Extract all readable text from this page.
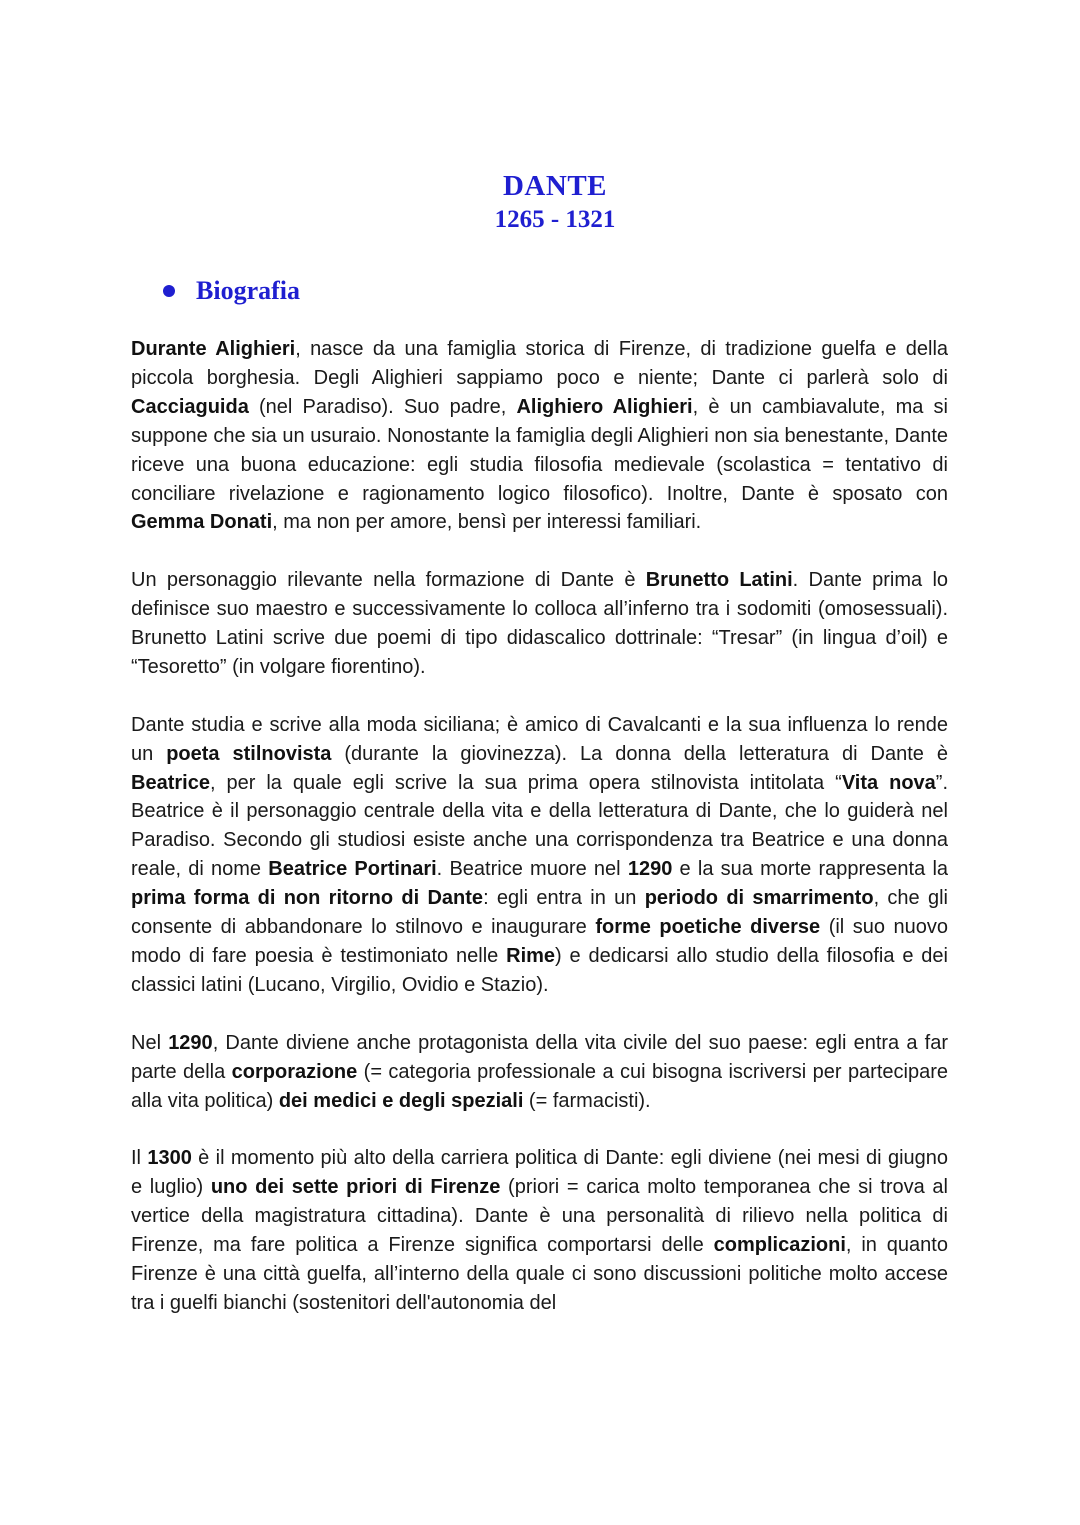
DANTE
1265 - 1321
Biografia

Durante Alighieri, nasce da una famiglia storica di Firenze, di tradizione guelfa e della piccola borghesia. Degli Alighieri sappiamo poco e niente; Dante ci parlerà solo di Cacciaguida (nel Paradiso). Suo padre, Alighiero Alighieri, è un cambiavalute, ma si suppone che sia un usuraio. Nonostante la famiglia degli Alighieri non sia benestante, Dante riceve una buona educazione: egli studia filosofia medievale (scolastica = tentativo di conciliare rivelazione e ragionamento logico filosofico). Inoltre, Dante è sposato con Gemma Donati, ma non per amore, bensì per interessi familiari.

Un personaggio rilevante nella formazione di Dante è Brunetto Latini. Dante prima lo definisce suo maestro e successivamente lo colloca all’inferno tra i sodomiti (omosessuali). Brunetto Latini scrive due poemi di tipo didascalico dottrinale: “Tresar” (in lingua d’oil) e “Tesoretto” (in volgare fiorentino).

Dante studia e scrive alla moda siciliana; è amico di Cavalcanti e la sua influenza lo rende un poeta stilnovista (durante la giovinezza). La donna della letteratura di Dante è Beatrice, per la quale egli scrive la sua prima opera stilnovista intitolata “Vita nova”. Beatrice è il personaggio centrale della vita e della letteratura di Dante, che lo guiderà nel Paradiso. Secondo gli studiosi esiste anche una corrispondenza tra Beatrice e una donna reale, di nome Beatrice Portinari. Beatrice muore nel 1290 e la sua morte rappresenta la prima forma di non ritorno di Dante: egli entra in un periodo di smarrimento, che gli consente di abbandonare lo stilnovo e inaugurare forme poetiche diverse (il suo nuovo modo di fare poesia è testimoniato nelle Rime) e dedicarsi allo studio della filosofia e dei classici latini (Lucano, Virgilio, Ovidio e Stazio).

Nel 1290, Dante diviene anche protagonista della vita civile del suo paese: egli entra a far parte della corporazione (= categoria professionale a cui bisogna iscriversi per partecipare alla vita politica) dei medici e degli speziali (= farmacisti).

Il 1300 è il momento più alto della carriera politica di Dante: egli diviene (nei mesi di giugno e luglio) uno dei sette priori di Firenze (priori = carica molto temporanea che si trova al vertice della magistratura cittadina). Dante è una personalità di rilievo nella politica di Firenze, ma fare politica a Firenze significa comportarsi delle complicazioni, in quanto Firenze è una città guelfa, all’interno della quale ci sono discussioni politiche molto accese tra i guelfi bianchi (sostenitori dell'autonomia del
